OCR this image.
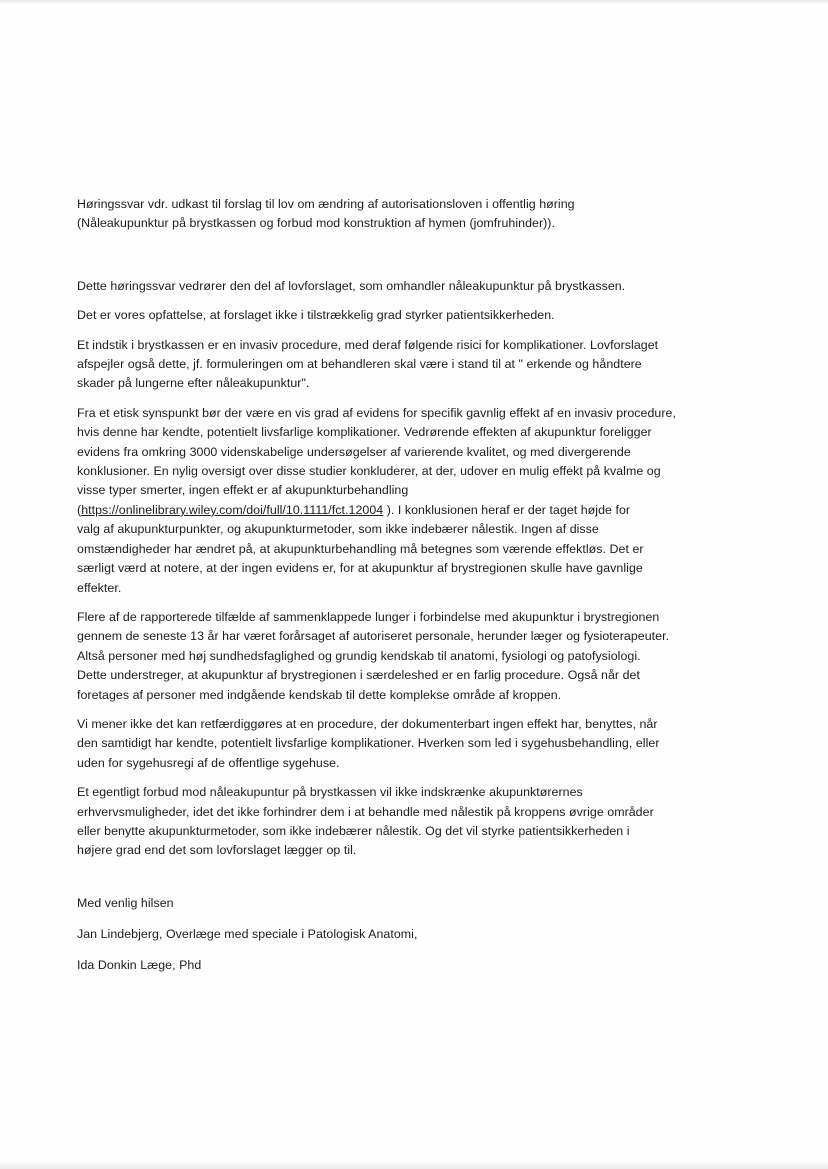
Høringssvar vdr. udkast til forslag til lov om ændring af autorisationsloven i offentlig høring
(Nåleakupunktur på brystkassen og forbud mod konstruktion af hymen (jomfruhinder)).

Dette høringssvar vedrører den del af lovforslaget, som omhandler nåleakupunktur på brystkassen.

Det er vores opfattelse, at forslaget ikke i tilstrækkelig grad styrker patientsikkerheden.

Et indstik i brystkassen er en invasiv procedure, med deraf følgende risici for komplikationer. Lovforslaget
afspejler også dette, jf. formuleringen om at behandleren skal være i stand til at " erkende og håndtere
skader på lungerne efter nåleakupunktur".

Fra et etisk synspunkt bør der være en vis grad af evidens for specifik gavnlig effekt af en invasiv procedure,
hvis denne har kendte, potentielt livsfarlige komplikationer. Vedrørende effekten af akupunktur foreligger
evidens fra omkring 3000 videnskabelige undersøgelser af varierende kvalitet, og med divergerende
konklusioner. En nylig oversigt over disse studier konkluderer, at der, udover en mulig effekt på kvalme og
visse typer smerter, ingen effekt er af akupunkturbehandling
(https://onlinelibrary.wiley.com/doi/full/10.1111/fct.12004 ). I konklusionen heraf er der taget højde for
valg af akupunkturpunkter, og akupunkturmetoder, som ikke indebærer nålestik. Ingen af disse
omstændigheder har ændret på, at akupunkturbehandling må betegnes som værende effektløs. Det er
særligt værd at notere, at der ingen evidens er, for at akupunktur af brystregionen skulle have gavnlige
effekter.

Flere af de rapporterede tilfælde af sammenklappede lunger i forbindelse med akupunktur i brystregionen
gennem de seneste 13 år har været forårsaget af autoriseret personale, herunder læger og fysioterapeuter.
Altså personer med høj sundhedsfaglighed og grundig kendskab til anatomi, fysiologi og patofysiologi.
Dette understreger, at akupunktur af brystregionen i særdeleshed er en farlig procedure. Også når det
foretages af personer med indgående kendskab til dette komplekse område af kroppen.

Vi mener ikke det kan retfærdiggøres at en procedure, der dokumenterbart ingen effekt har, benyttes, når
den samtidigt har kendte, potentielt livsfarlige komplikationer. Hverken som led i sygehusbehandling, eller
uden for sygehusregi af de offentlige sygehuse.

Et egentligt forbud mod nåleakupuntur på brystkassen vil ikke indskrænke akupunktørernes
erhvervsmuligheder, idet det ikke forhindrer dem i at behandle med nålestik på kroppens øvrige områder
eller benytte akupunkturmetoder, som ikke indebærer nålestik. Og det vil styrke patientsikkerheden i
højere grad end det som lovforslaget lægger op til.

Med venlig hilsen
Jan Lindebjerg, Overlæge med speciale i Patologisk Anatomi,
Ida Donkin Læge, Phd
